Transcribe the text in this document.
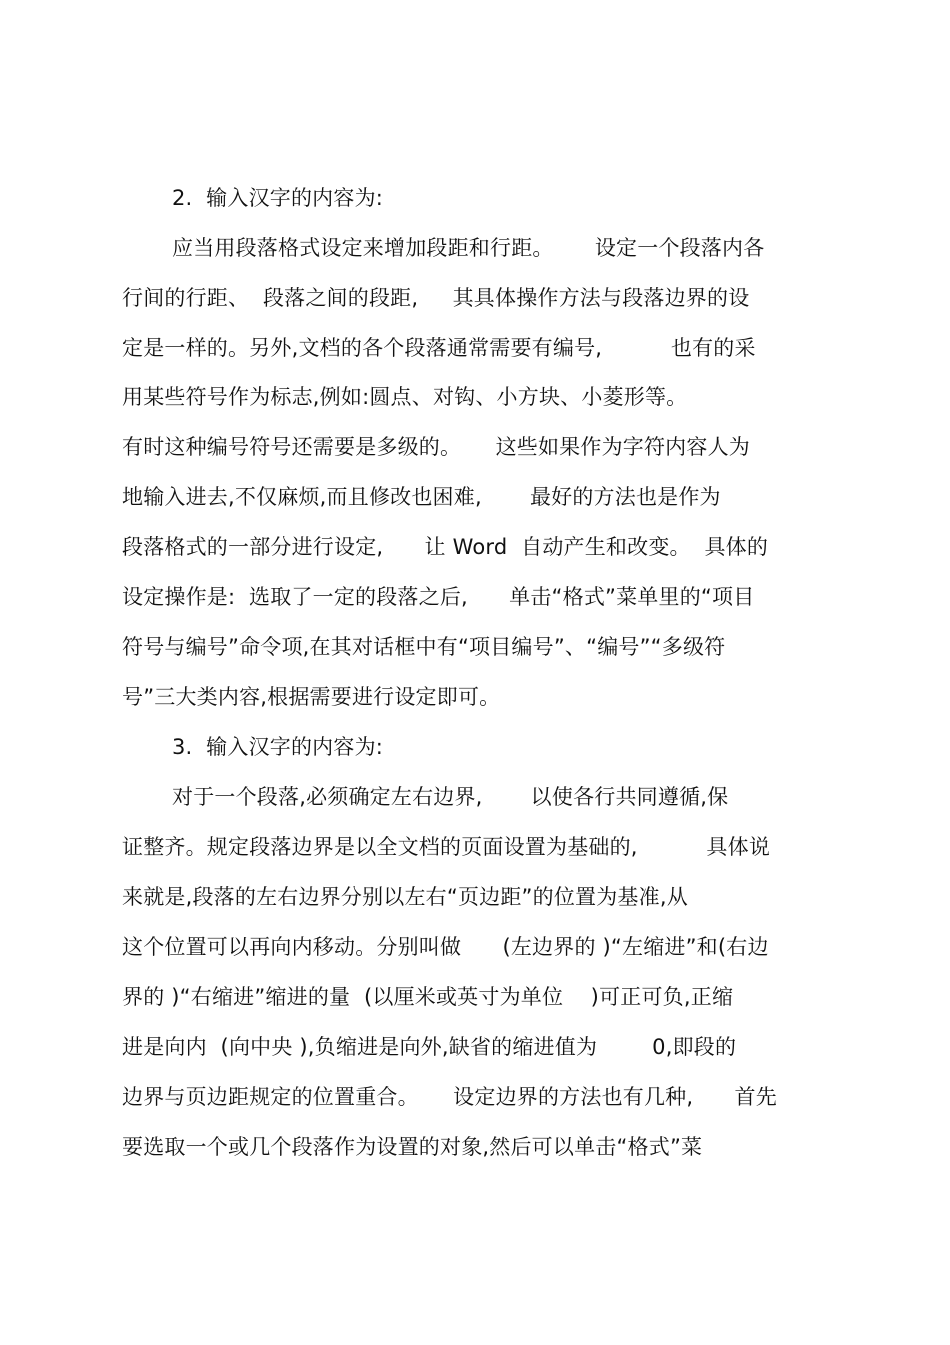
2.  输入汉字的内容为:
应当用段落格式设定来增加段距和行距。      设定一个段落内各
行间的行距、  段落之间的段距,     其具体操作方法与段落边界的设
定是一样的。另外,文档的各个段落通常需要有编号,          也有的采
用某些符号作为标志,例如:圆点、对钩、小方块、小菱形等。
有时这种编号符号还需要是多级的。     这些如果作为字符内容人为
地输入进去,不仅麻烦,而且修改也困难,       最好的方法也是作为
段落格式的一部分进行设定,      让 Word  自动产生和改变。  具体的
设定操作是:  选取了一定的段落之后,      单击“格式”菜单里的“项目
符号与编号”命令项,在其对话框中有“项目编号”、“编号”“多级符
号”三大类内容,根据需要进行设定即可。
3.  输入汉字的内容为:
对于一个段落,必须确定左右边界,       以使各行共同遵循,保
证整齐。规定段落边界是以全文档的页面设置为基础的,          具体说
来就是,段落的左右边界分别以左右“页边距”的位置为基准,从
这个位置可以再向内移动。分别叫做      (左边界的 )“左缩进”和(右边
界的 )“右缩进”缩进的量  (以厘米或英寸为单位    )可正可负,正缩
进是向内  (向中央 ),负缩进是向外,缺省的缩进值为        0,即段的
边界与页边距规定的位置重合。     设定边界的方法也有几种,      首先
要选取一个或几个段落作为设置的对象,然后可以单击“格式”菜
